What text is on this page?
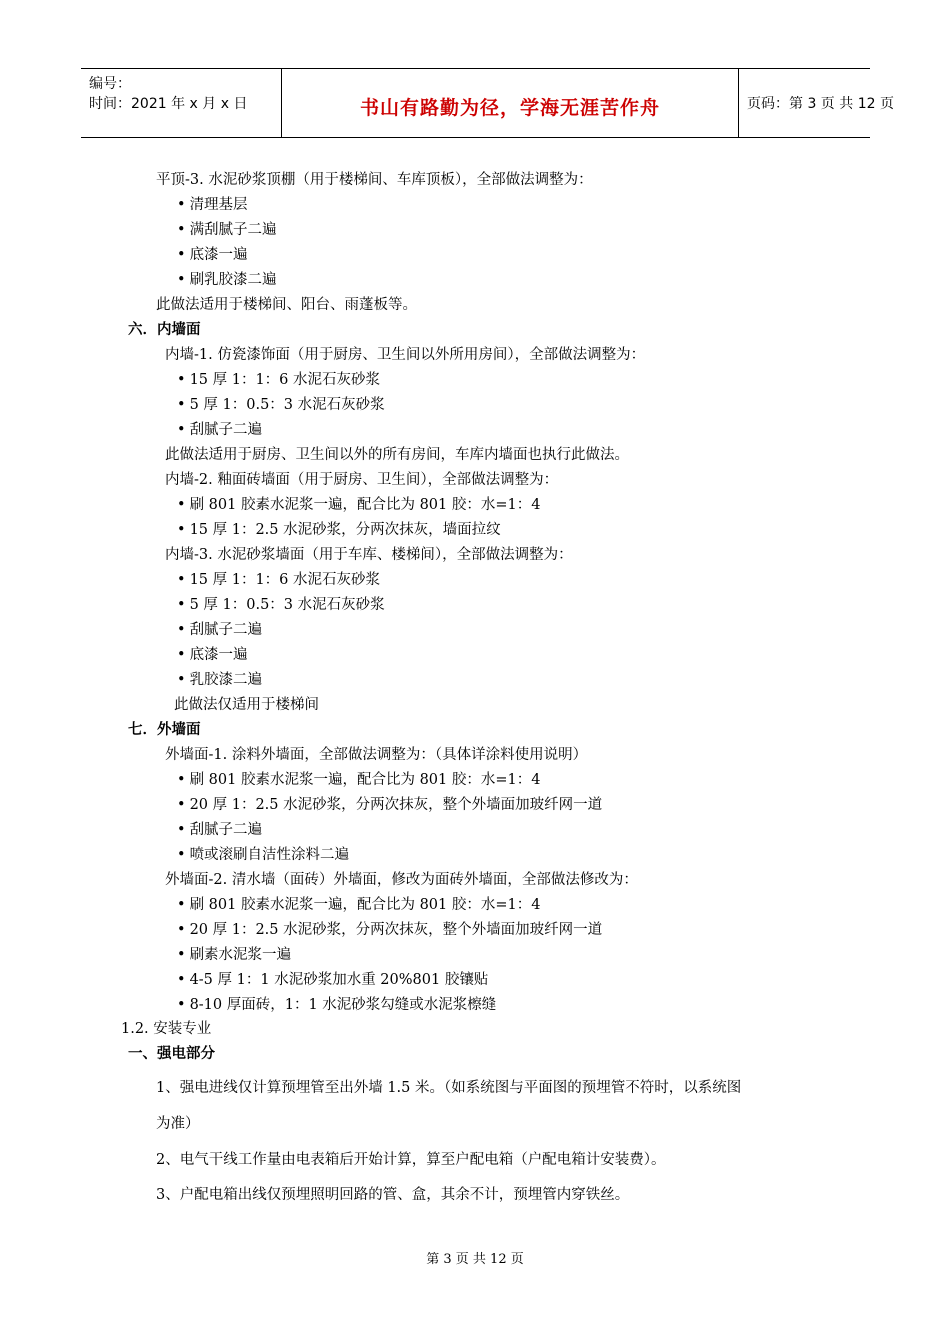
编号：
时间：2021 年 x 月 x 日	书山有路勤为径，学海无涯苦作舟	页码：第 3 页 共 12 页
平顶-3. 水泥砂浆顶棚（用于楼梯间、车库顶板），全部做法调整为：
• 清理基层
• 满刮腻子二遍
• 底漆一遍
• 刷乳胶漆二遍
此做法适用于楼梯间、阳台、雨蓬板等。
六．内墙面
内墙-1. 仿瓷漆饰面（用于厨房、卫生间以外所用房间），全部做法调整为：
• 15 厚 1：1：6 水泥石灰砂浆
• 5 厚 1：0.5：3 水泥石灰砂浆
• 刮腻子二遍
此做法适用于厨房、卫生间以外的所有房间，车库内墙面也执行此做法。
内墙-2. 釉面砖墙面（用于厨房、卫生间），全部做法调整为：
• 刷 801 胶素水泥浆一遍，配合比为 801 胶：水=1：4
• 15 厚 1：2.5 水泥砂浆，分两次抹灰，墙面拉纹
内墙-3. 水泥砂浆墙面（用于车库、楼梯间），全部做法调整为：
• 15 厚 1：1：6 水泥石灰砂浆
• 5 厚 1：0.5：3 水泥石灰砂浆
• 刮腻子二遍
• 底漆一遍
• 乳胶漆二遍
此做法仅适用于楼梯间
七．外墙面
外墙面-1. 涂料外墙面，全部做法调整为：（具体详涂料使用说明）
• 刷 801 胶素水泥浆一遍，配合比为 801 胶：水=1：4
• 20 厚 1：2.5 水泥砂浆，分两次抹灰，整个外墙面加玻纤网一道
• 刮腻子二遍
• 喷或滚刷自洁性涂料二遍
外墙面-2. 清水墙（面砖）外墙面，修改为面砖外墙面，全部做法修改为：
• 刷 801 胶素水泥浆一遍，配合比为 801 胶：水=1：4
• 20 厚 1：2.5 水泥砂浆，分两次抹灰，整个外墙面加玻纤网一道
• 刷素水泥浆一遍
• 4-5 厚 1：1 水泥砂浆加水重 20%801 胶镶贴
• 8-10 厚面砖，1：1 水泥砂浆勾缝或水泥浆檫缝
1.2. 安装专业
一、强电部分
1、强电进线仅计算预埋管至出外墙 1.5 米。（如系统图与平面图的预埋管不符时，以系统图
为准）
2、电气干线工作量由电表箱后开始计算，算至户配电箱（户配电箱计安装费）。
3、户配电箱出线仅预埋照明回路的管、盒，其余不计，预埋管内穿铁丝。
第 3 页 共 12 页
